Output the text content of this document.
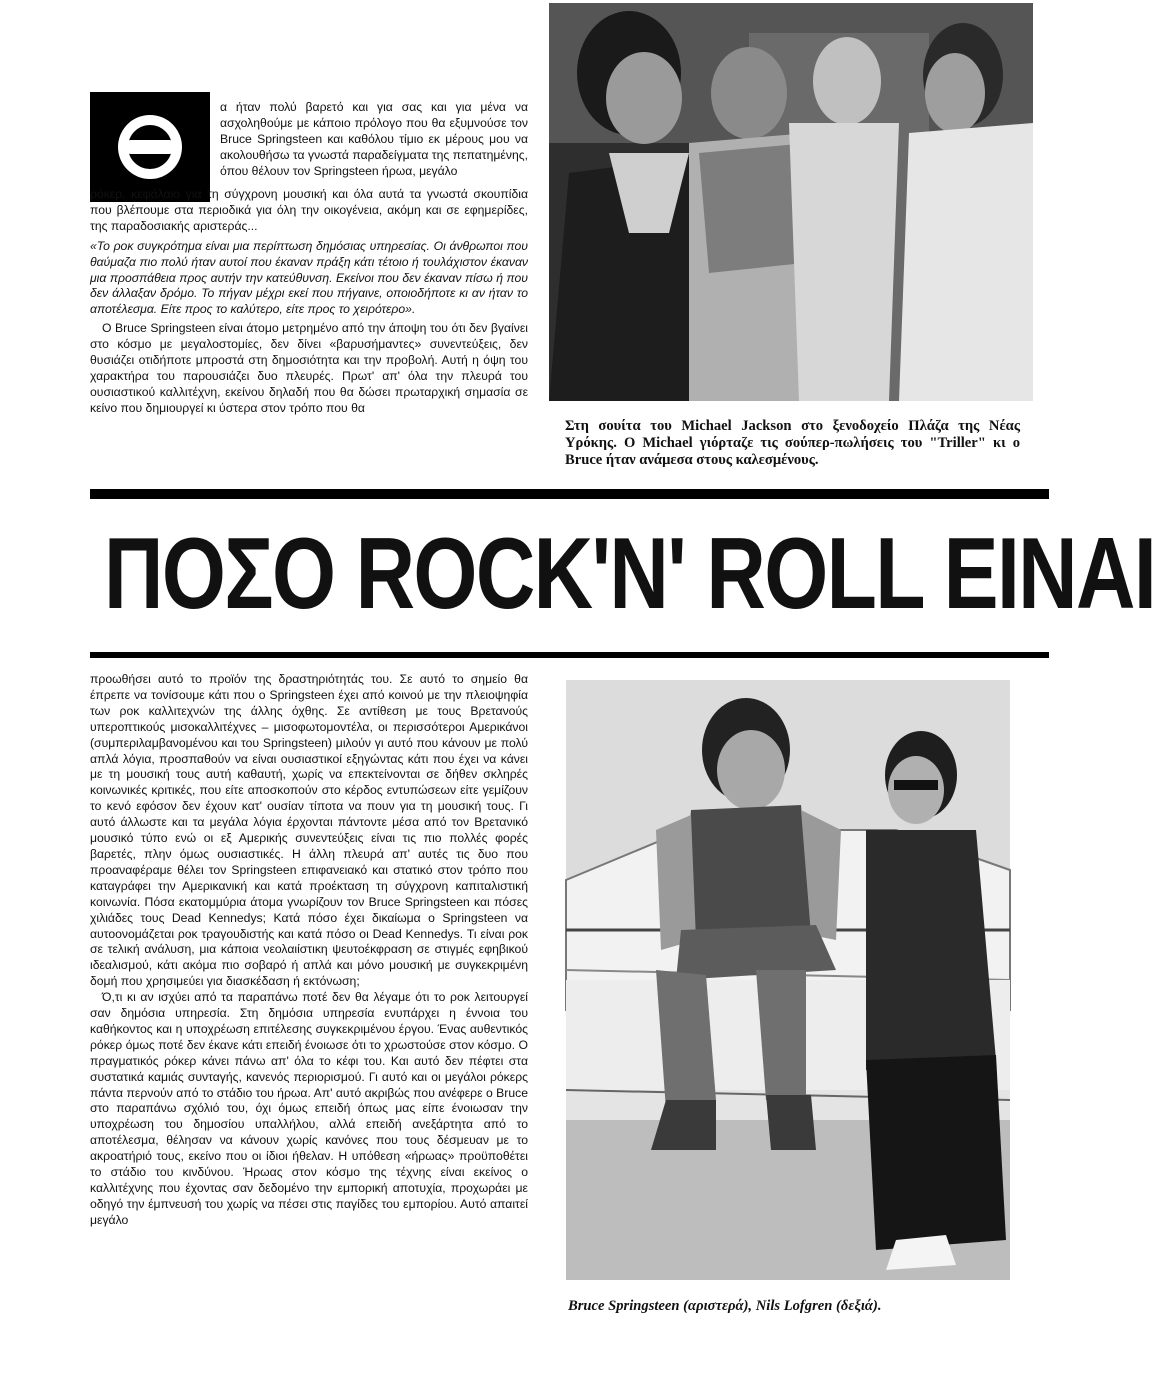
α ήταν πολύ βαρετό και για σας και για μένα να ασχοληθούμε με κάποιο πρόλογο που θα εξυμνούσε τον Bruce Springsteen και καθόλου τίμιο εκ μέρους μου να ακολουθήσω τα γνωστά παραδείγματα της πεπατημένης, όπου θέλουν τον Springsteen ήρωα, μεγάλο

ρόκερ, κεφάλαιο για τη σύγχρονη μουσική και όλα αυτά τα γνωστά σκουπίδια που βλέπουμε στα περιοδικά για όλη την οικογένεια, ακόμη και σε εφημερίδες, της παραδοσιακής αριστεράς...

«Το ροκ συγκρότημα είναι μια περίπτωση δημόσιας υπηρεσίας. Οι άνθρωποι που θαύμαζα πιο πολύ ήταν αυτοί που έκαναν πράξη κάτι τέτοιο ή τουλάχιστον έκαναν μια προσπάθεια προς αυτήν την κατεύθυνση. Εκείνοι που δεν έκαναν πίσω ή που δεν άλλαξαν δρόμο. Το πήγαν μέχρι εκεί που πήγαινε, οποιοδήποτε κι αν ήταν το αποτέλεσμα. Είτε προς το καλύτερο, είτε προς το χειρότερο».

Ο Bruce Springsteen είναι άτομο μετρημένο από την άποψη του ότι δεν βγαίνει στο κόσμο με μεγαλοστομίες, δεν δίνει «βαρυσήμαντες» συνεντεύξεις, δεν θυσιάζει οτιδήποτε μπροστά στη δημοσιότητα και την προβολή. Αυτή η όψη του χαρακτήρα του παρουσιάζει δυο πλευρές. Πρωτ' απ' όλα την πλευρά του ουσιαστικού καλλιτέχνη, εκείνου δηλαδή που θα δώσει πρωταρχική σημασία σε κείνο που δημιουργεί κι ύστερα στον τρόπο που θα

Στη σουίτα του Michael Jackson στο ξενοδοχείο Πλάζα της Νέας Υρόκης. Ο Michael γιόρταζε τις σούπερ-πωλήσεις του "Triller" κι ο Bruce ήταν ανάμεσα στους καλεσμένους.
ΠΟΣΟ ROCK'N' ROLL ΕΙΝΑΙ

προωθήσει αυτό το προϊόν της δραστηριότητάς του. Σε αυτό το σημείο θα έπρεπε να τονίσουμε κάτι που ο Springsteen έχει από κοινού με την πλειοψηφία των ροκ καλλιτεχνών της άλλης όχθης. Σε αντίθεση με τους Βρετανούς υπεροπτικούς μισοκαλλιτέχνες – μισοφωτομοντέλα, οι περισσότεροι Αμερικάνοι (συμπεριλαμβανομένου και του Springsteen) μιλούν γι αυτό που κάνουν με πολύ απλά λόγια, προσπαθούν να είναι ουσιαστικοί εξηγώντας κάτι που έχει να κάνει με τη μουσική τους αυτή καθαυτή, χωρίς να επεκτείνονται σε δήθεν σκληρές κοινωνικές κριτικές, που είτε αποσκοπούν στο κέρδος εντυπώσεων είτε γεμίζουν το κενό εφόσον δεν έχουν κατ' ουσίαν τίποτα να πουν για τη μουσική τους. Γι αυτό άλλωστε και τα μεγάλα λόγια έρχονται πάντοντε μέσα από τον Βρετανικό μουσικό τύπο ενώ οι εξ Αμερικής συνεντεύξεις είναι τις πιο πολλές φορές βαρετές, πλην όμως ουσιαστικές. Η άλλη πλευρά απ' αυτές τις δυο που προαναφέραμε θέλει τον Springsteen επιφανειακό και στατικό στον τρόπο που καταγράφει την Αμερικανική και κατά προέκταση τη σύγχρονη καπιταλιστική κοινωνία. Πόσα εκατομμύρια άτομα γνωρίζουν τον Bruce Springsteen και πόσες χιλιάδες τους Dead Kennedys; Κατά πόσο έχει δικαίωμα ο Springsteen να αυτοονομάζεται ροκ τραγουδιστής και κατά πόσο οι Dead Kennedys. Τι είναι ροκ σε τελική ανάλυση, μια κάποια νεολαιίστικη ψευτοέκφραση σε στιγμές εφηβικού ιδεαλισμού, κάτι ακόμα πιο σοβαρό ή απλά και μόνο μουσική με συγκεκριμένη δομή που χρησιμεύει για διασκέδαση ή εκτόνωση;

Ό,τι κι αν ισχύει από τα παραπάνω ποτέ δεν θα λέγαμε ότι το ροκ λειτουργεί σαν δημόσια υπηρεσία. Στη δημόσια υπηρεσία ενυπάρχει η έννοια του καθήκοντος και η υποχρέωση επιτέλεσης συγκεκριμένου έργου. Ένας αυθεντικός ρόκερ όμως ποτέ δεν έκανε κάτι επειδή ένοιωσε ότι το χρωστούσε στον κόσμο. Ο πραγματικός ρόκερ κάνει πάνω απ' όλα το κέφι του. Και αυτό δεν πέφτει στα συστατικά καμιάς συνταγής, κανενός περιορισμού. Γι αυτό και οι μεγάλοι ρόκερς πάντα περνούν από το στάδιο του ήρωα. Απ' αυτό ακριβώς που ανέφερε ο Bruce στο παραπάνω σχόλιό του, όχι όμως επειδή όπως μας είπε ένοιωσαν την υποχρέωση του δημοσίου υπαλλήλου, αλλά επειδή ανεξάρτητα από το αποτέλεσμα, θέλησαν να κάνουν χωρίς κανόνες που τους δέσμευαν με το ακροατήριό τους, εκείνο που οι ίδιοι ήθελαν. Η υπόθεση «ήρωας» προϋποθέτει το στάδιο του κινδύνου. Ήρωας στον κόσμο της τέχνης είναι εκείνος ο καλλιτέχνης που έχοντας σαν δεδομένο την εμπορική αποτυχία, προχωράει με οδηγό την έμπνευσή του χωρίς να πέσει στις παγίδες του εμπορίου. Αυτό απαιτεί μεγάλο

Bruce Springsteen (αριστερά), Nils Lofgren (δεξιά).
